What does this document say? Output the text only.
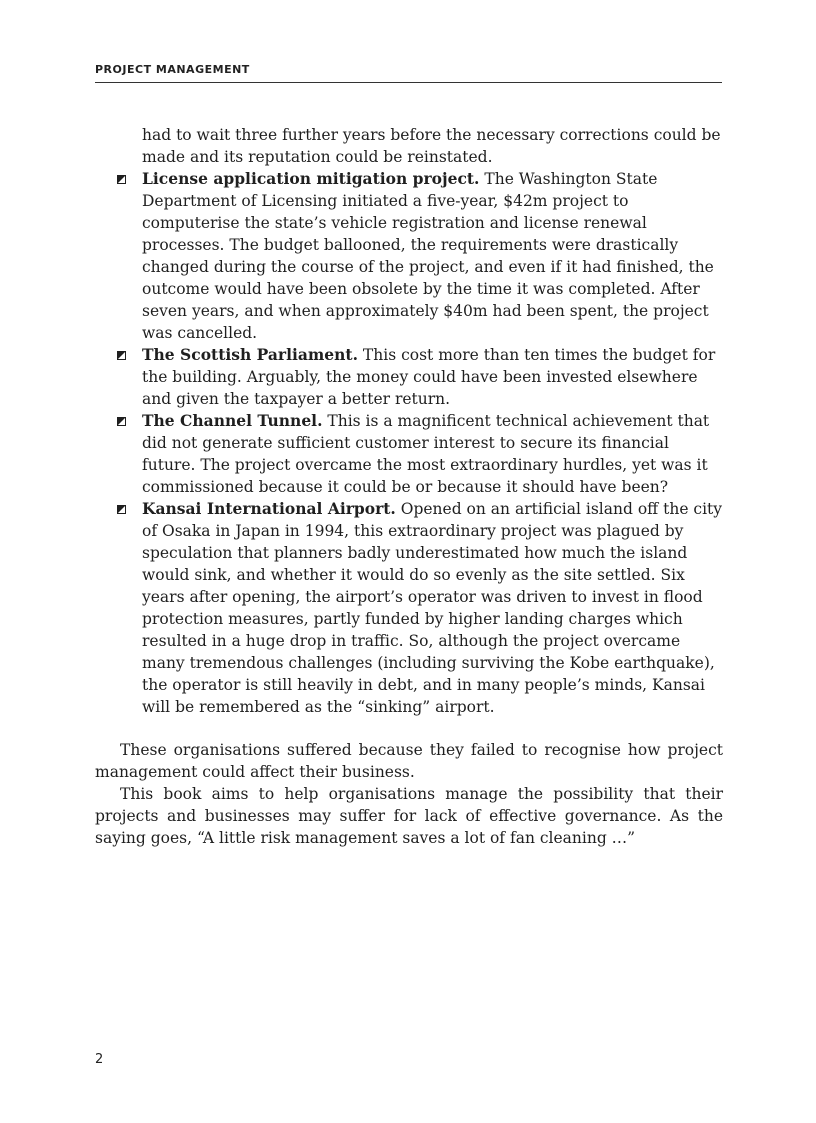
PROJECT MANAGEMENT

had to wait three further years before the necessary corrections could be made and its reputation could be reinstated.

License application mitigation project. The Washington State Department of Licensing initiated a five-year, $42m project to computerise the state’s vehicle registration and license renewal processes. The budget ballooned, the requirements were drastically changed during the course of the project, and even if it had finished, the outcome would have been obsolete by the time it was completed. After seven years, and when approximately $40m had been spent, the project was cancelled.
The Scottish Parliament. This cost more than ten times the budget for the building. Arguably, the money could have been invested elsewhere and given the taxpayer a better return.
The Channel Tunnel. This is a magnificent technical achievement that did not generate sufficient customer interest to secure its financial future. The project overcame the most extraordinary hurdles, yet was it commissioned because it could be or because it should have been?
Kansai International Airport. Opened on an artificial island off the city of Osaka in Japan in 1994, this extraordinary project was plagued by speculation that planners badly underestimated how much the island would sink, and whether it would do so evenly as the site settled. Six years after opening, the airport’s operator was driven to invest in flood protection measures, partly funded by higher landing charges which resulted in a huge drop in traffic. So, although the project overcame many tremendous challenges (including surviving the Kobe earthquake), the operator is still heavily in debt, and in many people’s minds, Kansai will be remembered as the “sinking” airport.

These organisations suffered because they failed to recognise how project management could affect their business.

This book aims to help organisations manage the possibility that their projects and businesses may suffer for lack of effective governance. As the saying goes, “A little risk management saves a lot of fan cleaning …”

2
